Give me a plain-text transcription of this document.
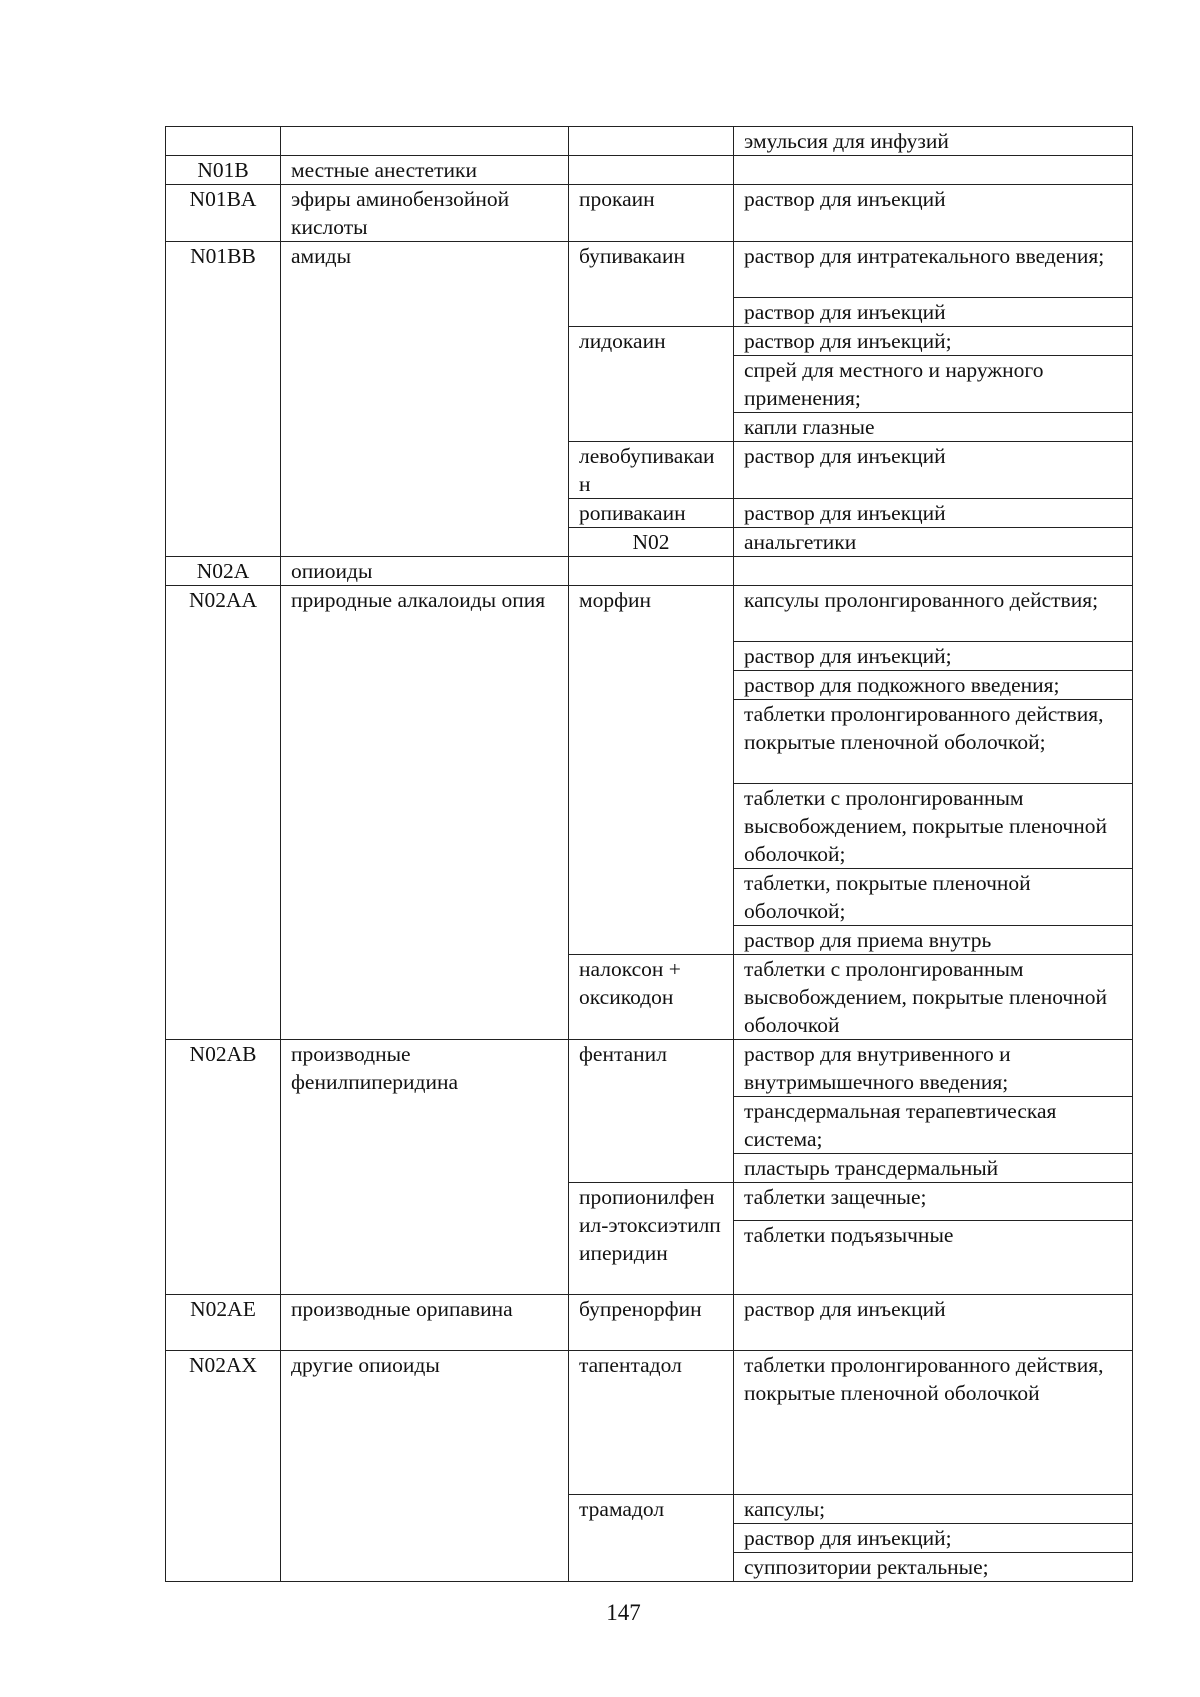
			эмульсия для инфузий	
N01B	местные анестетики			
N01BA	эфиры аминобензойной кислоты	прокаин	раствор для инъекций	
N01BB	амиды	бупивакаин	раствор для интратекального введения;	
			раствор для инъекций	
		лидокаин	раствор для инъекций;	
			спрей для местного и наружного применения;	
			капли глазные	
		левобупивакаин	раствор для инъекций	
		ропивакаин	раствор для инъекций	

		N02	анальгетики		
N02A	опиоиды			
N02AA	природные алкалоиды опия	морфин	капсулы пролонгированного действия;	
			раствор для инъекций;	
			раствор для подкожного введения;	
			таблетки пролонгированного действия, покрытые пленочной оболочкой;	
			таблетки с пролонгированным высвобождением, покрытые пленочной оболочкой;	
			таблетки, покрытые пленочной оболочкой;	
			раствор для приема внутрь	
		налоксон + оксикодон	таблетки с пролонгированным высвобождением, покрытые пленочной оболочкой	
N02AB	производные фенилпиперидина	фентанил	раствор для внутривенного и внутримышечного введения;	
			трансдермальная терапевтическая система;	
			пластырь трансдермальный	
		пропионилфенил-этоксиэтилпиперидин	таблетки защечные;	
			таблетки подъязычные	
N02AE	производные орипавина	бупренорфин	раствор для инъекций	
N02AX	другие опиоиды	тапентадол	таблетки пролонгированного действия, покрытые пленочной оболочкой	
		трамадол	капсулы;	
			раствор для инъекций;	
			суппозитории ректальные;	
147
